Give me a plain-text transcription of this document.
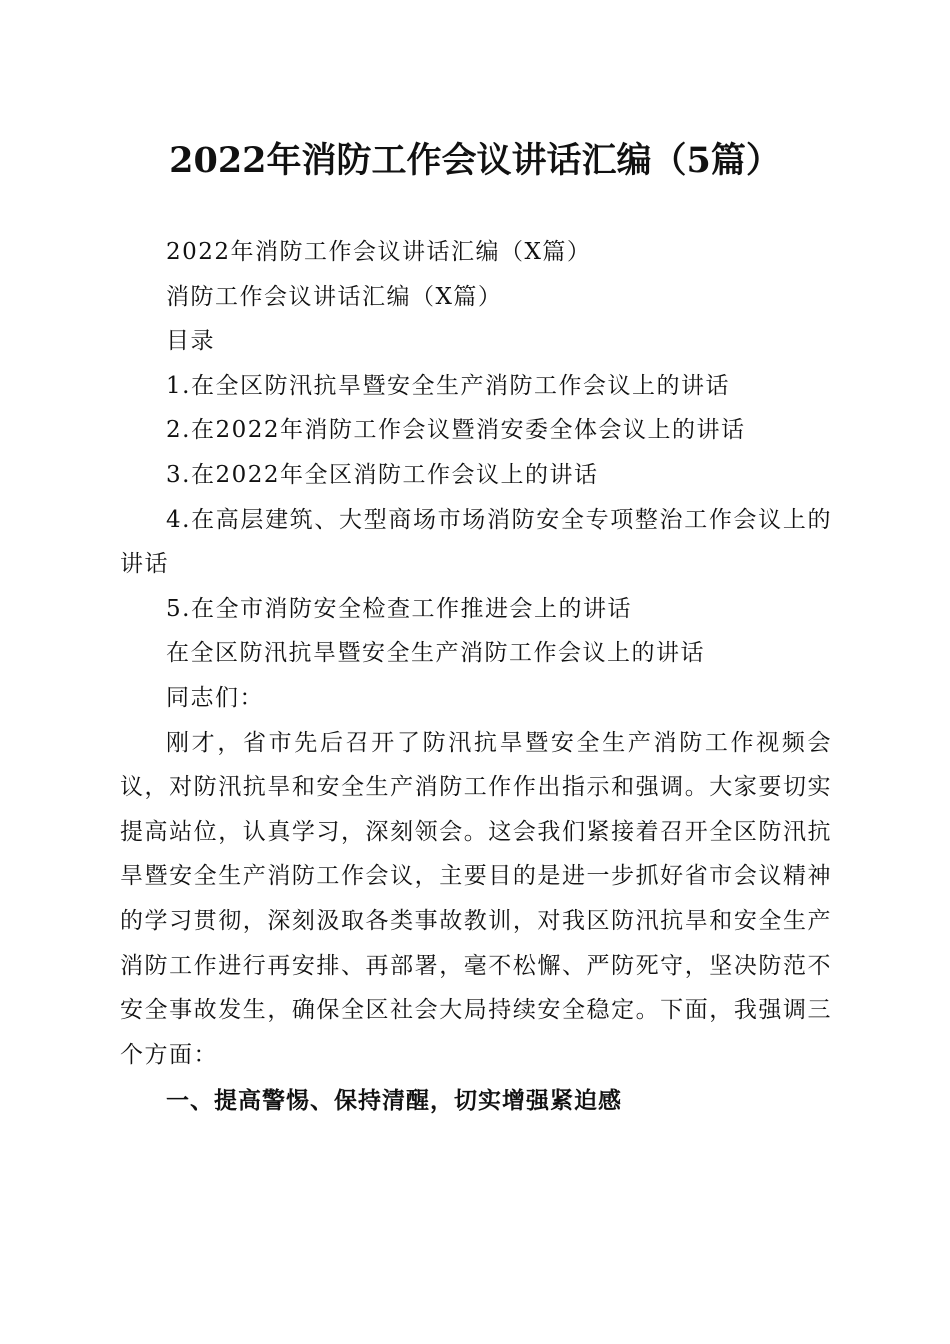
2022年消防工作会议讲话汇编（5篇）

2022年消防工作会议讲话汇编（X篇）

消防工作会议讲话汇编（X篇）

目录

1.在全区防汛抗旱暨安全生产消防工作会议上的讲话

2.在2022年消防工作会议暨消安委全体会议上的讲话

3.在2022年全区消防工作会议上的讲话

4.在高层建筑、大型商场市场消防安全专项整治工作会议上的讲话

5.在全市消防安全检查工作推进会上的讲话

在全区防汛抗旱暨安全生产消防工作会议上的讲话

同志们：

刚才，省市先后召开了防汛抗旱暨安全生产消防工作视频会议，对防汛抗旱和安全生产消防工作作出指示和强调。大家要切实提高站位，认真学习，深刻领会。这会我们紧接着召开全区防汛抗旱暨安全生产消防工作会议，主要目的是进一步抓好省市会议精神的学习贯彻，深刻汲取各类事故教训，对我区防汛抗旱和安全生产消防工作进行再安排、再部署，毫不松懈、严防死守，坚决防范不安全事故发生，确保全区社会大局持续安全稳定。下面，我强调三个方面：

一、提高警惕、保持清醒，切实增强紧迫感
